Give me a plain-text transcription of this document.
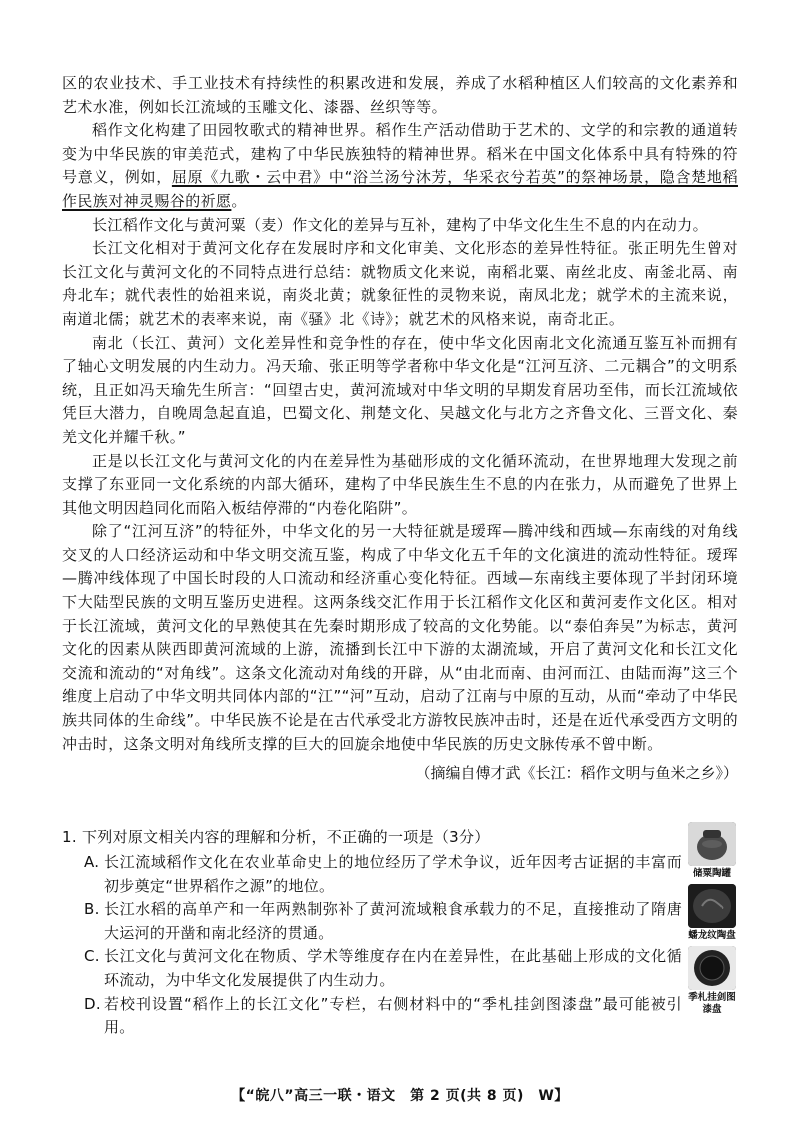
区的农业技术、手工业技术有持续性的积累改进和发展，养成了水稻种植区人们较高的文化素养和艺术水准，例如长江流域的玉雕文化、漆器、丝织等等。

稻作文化构建了田园牧歌式的精神世界。稻作生产活动借助于艺术的、文学的和宗教的通道转变为中华民族的审美范式，建构了中华民族独特的精神世界。稻米在中国文化体系中具有特殊的符号意义，例如，屈原《九歌・云中君》中“浴兰汤兮沐芳，华采衣兮若英”的祭神场景，隐含楚地稻作民族对神灵赐谷的祈愿。

长江稻作文化与黄河粟（麦）作文化的差异与互补，建构了中华文化生生不息的内在动力。

长江文化相对于黄河文化存在发展时序和文化审美、文化形态的差异性特征。张正明先生曾对长江文化与黄河文化的不同特点进行总结：就物质文化来说，南稻北粟、南丝北皮、南釜北鬲、南舟北车；就代表性的始祖来说，南炎北黄；就象征性的灵物来说，南凤北龙；就学术的主流来说，南道北儒；就艺术的表率来说，南《骚》北《诗》；就艺术的风格来说，南奇北正。

南北（长江、黄河）文化差异性和竞争性的存在，使中华文化因南北文化流通互鉴互补而拥有了轴心文明发展的内生动力。冯天瑜、张正明等学者称中华文化是“江河互济、二元耦合”的文明系统，且正如冯天瑜先生所言：“回望古史，黄河流域对中华文明的早期发育居功至伟，而长江流域依凭巨大潜力，自晚周急起直追，巴蜀文化、荆楚文化、吴越文化与北方之齐鲁文化、三晋文化、秦羌文化并耀千秋。”

正是以长江文化与黄河文化的内在差异性为基础形成的文化循环流动，在世界地理大发现之前支撑了东亚同一文化系统的内部大循环，建构了中华民族生生不息的内在张力，从而避免了世界上其他文明因趋同化而陷入板结停滞的“内卷化陷阱”。

除了“江河互济”的特征外，中华文化的另一大特征就是瑷珲—腾冲线和西域—东南线的对角线交叉的人口经济运动和中华文明交流互鉴，构成了中华文化五千年的文化演进的流动性特征。瑷珲—腾冲线体现了中国长时段的人口流动和经济重心变化特征。西域—东南线主要体现了半封闭环境下大陆型民族的文明互鉴历史进程。这两条线交汇作用于长江稻作文化区和黄河麦作文化区。相对于长江流域，黄河文化的早熟使其在先秦时期形成了较高的文化势能。以“泰伯奔吴”为标志，黄河文化的因素从陕西即黄河流域的上游，流播到长江中下游的太湖流域，开启了黄河文化和长江文化交流和流动的“对角线”。这条文化流动对角线的开辟，从“由北而南、由河而江、由陆而海”这三个维度上启动了中华文明共同体内部的“江”“河”互动，启动了江南与中原的互动，从而“牵动了中华民族共同体的生命线”。中华民族不论是在古代承受北方游牧民族冲击时，还是在近代承受西方文明的冲击时，这条文明对角线所支撑的巨大的回旋余地使中华民族的历史文脉传承不曾中断。

（摘编自傅才武《长江：稻作文明与鱼米之乡》）

1. 下列对原文相关内容的理解和分析，不正确的一项是（3分）

A. 长江流域稻作文化在农业革命史上的地位经历了学术争议，近年因考古证据的丰富而初步奠定“世界稻作之源”的地位。
B. 长江水稻的高单产和一年两熟制弥补了黄河流域粮食承载力的不足，直接推动了隋唐大运河的开凿和南北经济的贯通。
C. 长江文化与黄河文化在物质、学术等维度存在内在差异性，在此基础上形成的文化循环流动，为中华文化发展提供了内生动力。
D. 若校刊设置“稻作上的长江文化”专栏，右侧材料中的“季札挂剑图漆盘”最可能被引用。
储粟陶罐
蟠龙纹陶盘
季札挂剑图漆盘
【“皖八”高三一联・语文　第 2 页(共 8 页)　W】
